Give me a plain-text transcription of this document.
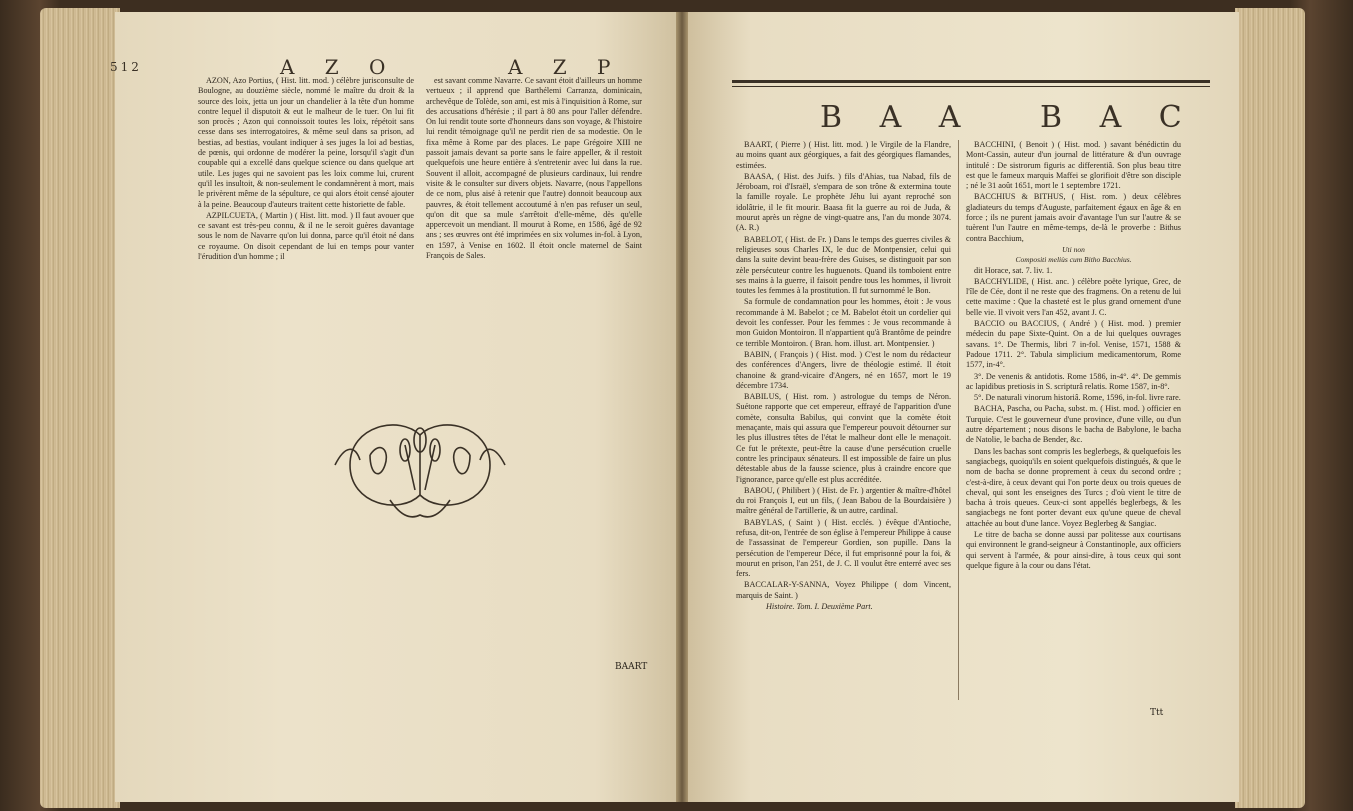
512	A Z O	A Z P

AZON, Azo Portius, ( Hist. litt. mod. ) célèbre jurisconsulte de Boulogne, au douzième siècle, nommé le maître du droit & la source des loix, jetta un jour un chandelier à la tête d'un homme contre lequel il disputoit & eut le malheur de le tuer. On lui fit son procès ; Azon qui connoissoit toutes les loix, répétoit sans cesse dans ses interrogatoires, & même seul dans sa prison, ad bestias, ad bestias, voulant indiquer à ses juges la loi ad bestias, de pœnis, qui ordonne de modérer la peine, lorsqu'il s'agit d'un coupable qui a excellé dans quelque science ou dans quelque art utile. Les juges qui ne savoient pas les loix comme lui, crurent qu'il les insultoit, & non-seulement le condamnèrent à mort, mais le privèrent même de la sépulture, ce qui alors étoit censé ajouter à la peine. Beaucoup d'auteurs traitent cette historiette de fable.

AZPILCUETA, ( Martin ) ( Hist. litt. mod. ) Il faut avouer que ce savant est très-peu connu, & il ne le seroit guères davantage sous le nom de Navarre qu'on lui donna, parce qu'il étoit né dans ce royaume. On disoit cependant de lui en temps pour vanter l'érudition d'un homme ; il

est savant comme Navarre. Ce savant étoit d'ailleurs un homme vertueux ; il apprend que Barthélemi Carranza, dominicain, archevêque de Tolède, son ami, est mis à l'inquisition à Rome, sur des accusations d'hérésie ; il part à 80 ans pour l'aller défendre. On lui rendit toute sorte d'honneurs dans son voyage, & l'histoire lui rendit témoignage qu'il ne perdit rien de sa modestie. On le fixa même à Rome par des places. Le pape Grégoire XIII ne passoit jamais devant sa porte sans le faire appeller, & il restoit quelquefois une heure entière à s'entretenir avec lui dans la rue. Souvent il alloit, accompagné de plusieurs cardinaux, lui rendre visite & le consulter sur divers objets. Navarre, (nous l'appellons de ce nom, plus aisé à retenir que l'autre) donnoit beaucoup aux pauvres, & étoit tellement accoutumé à n'en pas refuser un seul, qu'on dit que sa mule s'arrêtoit d'elle-même, dès qu'elle appercevoit un mendiant. Il mourut à Rome, en 1586, âgé de 92 ans ; ses œuvres ont été imprimées en six volumes in-fol. à Lyon, en 1597, à Venise en 1602. Il étoit oncle maternel de Saint François de Sales.

BAART
B A A B A C

BAART, ( Pierre ) ( Hist. litt. mod. ) le Virgile de la Flandre, au moins quant aux géorgiques, a fait des géorgiques flamandes, estimées.

BAASA, ( Hist. des Juifs. ) fils d'Ahias, tua Nabad, fils de Jéroboam, roi d'Israël, s'empara de son trône & extermina toute la famille royale. Le prophète Jéhu lui ayant reproché son idolâtrie, il le fit mourir. Baasa fit la guerre au roi de Juda, & mourut après un règne de vingt-quatre ans, l'an du monde 3074. (A. R.)

BABELOT, ( Hist. de Fr. ) Dans le temps des guerres civiles & religieuses sous Charles IX, le duc de Montpensier, celui qui dans la suite devint beau-frère des Guises, se distinguoit par son zèle persécuteur contre les huguenots. Quand ils tomboient entre ses mains à la guerre, il faisoit pendre tous les hommes, il livroit toutes les femmes à la prostitution. Il fut surnommé le Bon.

Sa formule de condamnation pour les hommes, étoit : Je vous recommande à M. Babelot ; ce M. Babelot étoit un cordelier qui devoit les confesser. Pour les femmes : Je vous recommande à mon Guidon Montoiron. Il n'appartient qu'à Brantôme de peindre ce terrible Montoiron. ( Bran. hom. illust. art. Montpensier. )

BABIN, ( François ) ( Hist. mod. ) C'est le nom du rédacteur des conférences d'Angers, livre de théologie estimé. Il étoit chanoine & grand-vicaire d'Angers, né en 1657, mort le 19 décembre 1734.

BABILUS, ( Hist. rom. ) astrologue du temps de Néron. Suétone rapporte que cet empereur, effrayé de l'apparition d'une comète, consulta Babilus, qui convint que la comète étoit menaçante, mais qui assura que l'empereur pouvoit détourner sur les plus illustres têtes de l'état le malheur dont elle le menaçoit. Ce fut le prétexte, peut-être la cause d'une persécution cruelle contre les principaux sénateurs. Il est impossible de faire un plus détestable abus de la fausse science, plus à craindre encore que l'ignorance, parce qu'elle est plus accréditée.

BABOU, ( Philibert ) ( Hist. de Fr. ) argentier & maître-d'hôtel du roi François I, eut un fils, ( Jean Babou de la Bourdaisière ) maître général de l'artillerie, & un autre, cardinal.

BABYLAS, ( Saint ) ( Hist. ecclés. ) évêque d'Antioche, refusa, dit-on, l'entrée de son église à l'empereur Philippe à cause de l'assassinat de l'empereur Gordien, son pupille. Dans la persécution de l'empereur Déce, il fut emprisonné pour la foi, & mourut en prison, l'an 251, de J. C. Il voulut être enterré avec ses fers.

BACCALAR-Y-SANNA, Voyez Philippe ( dom Vincent, marquis de Saint. )

Histoire. Tom. I. Deuxième Part.

BACCHINI, ( Benoit ) ( Hist. mod. ) savant bénédictin du Mont-Cassin, auteur d'un journal de littérature & d'un ouvrage intitulé : De sistrorum figuris ac differentiâ. Son plus beau titre est que le fameux marquis Maffei se glorifioit d'être son disciple ; né le 31 août 1651, mort le 1 septembre 1721.

BACCHIUS & BITHUS, ( Hist. rom. ) deux célèbres gladiateurs du temps d'Auguste, parfaitement égaux en âge & en force ; ils ne purent jamais avoir d'avantage l'un sur l'autre & se tuèrent l'un l'autre en même-temps, de-là le proverbe : Bithus contra Bacchium,

Uti non
Compositi meliùs cum Bitho Bacchius.

dit Horace, sat. 7. liv. 1.

BACCHYLIDE, ( Hist. anc. ) célèbre poëte lyrique, Grec, de l'île de Cée, dont il ne reste que des fragmens. On a retenu de lui cette maxime : Que la chasteté est le plus grand ornement d'une belle vie. Il vivoit vers l'an 452, avant J. C.

BACCIO ou BACCIUS, ( André ) ( Hist. mod. ) premier médecin du pape Sixte-Quint. On a de lui quelques ouvrages savans. 1°. De Thermis, libri 7 in-fol. Venise, 1571, 1588 & Padoue 1711. 2°. Tabula simplicium medicamentorum, Rome 1577, in-4°.

3°. De venenis & antidotis. Rome 1586, in-4°. 4°. De gemmis ac lapidibus pretiosis in S. scripturâ relatis. Rome 1587, in-8°.

5°. De naturali vinorum historiâ. Rome, 1596, in-fol. livre rare.

BACHA, Pascha, ou Pacha, subst. m. ( Hist. mod. ) officier en Turquie. C'est le gouverneur d'une province, d'une ville, ou d'un autre département ; nous disons le bacha de Babylone, le bacha de Natolie, le bacha de Bender, &c.

Dans les bachas sont compris les beglerbegs, & quelquefois les sangiacbegs, quoiqu'ils en soient quelquefois distingués, & que le nom de bacha se donne proprement à ceux du second ordre ; c'est-à-dire, à ceux devant qui l'on porte deux ou trois queues de cheval, qui sont les enseignes des Turcs ; d'où vient le titre de bacha à trois queues. Ceux-ci sont appellés beglerbegs, & les sangiacbegs ne font porter devant eux qu'une queue de cheval attachée au bout d'une lance. Voyez Beglerbeg & Sangiac.

Le titre de bacha se donne aussi par politesse aux courtisans qui environnent le grand-seigneur à Constantinople, aux officiers qui servent à l'armée, & pour ainsi-dire, à tous ceux qui sont quelque figure à la cour ou dans l'état.

Ttt
